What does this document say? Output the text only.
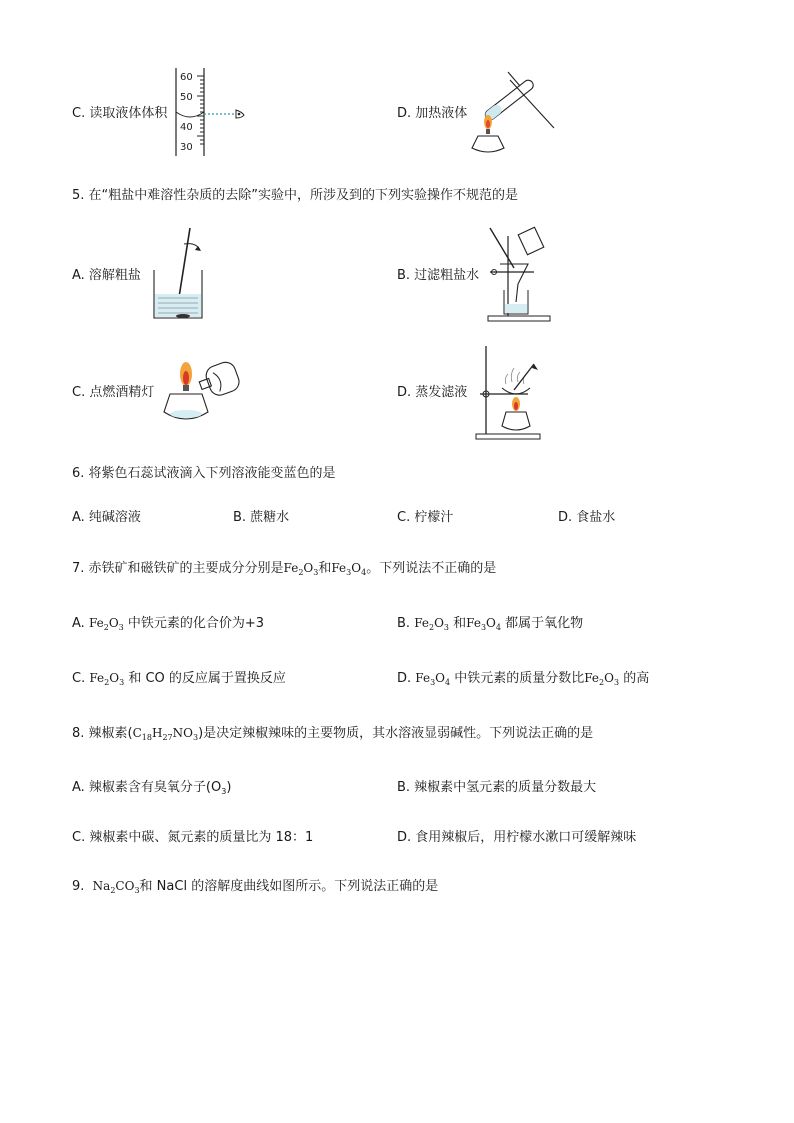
C. 读取液体体积
60
50
40
30
D. 加热液体
5. 在“粗盐中难溶性杂质的去除”实验中，所涉及到的下列实验操作不规范的是
A. 溶解粗盐	B. 过滤粗盐水
C. 点燃酒精灯	D. 蒸发滤液
6. 将紫色石蕊试液滴入下列溶液能变蓝色的是
A. 纯碱溶液	B. 蔗糖水	C. 柠檬汁	D. 食盐水
7. 赤铁矿和磁铁矿的主要成分分别是$Fe_2O_3$和$Fe_3O_4$。下列说法不正确的是
A. $Fe_2O_3$ 中铁元素的化合价为+3	B. $Fe_2O_3$ 和$Fe_3O_4$ 都属于氧化物
C. $Fe_2O_3$ 和 CO 的反应属于置换反应	D. $Fe_3O_4$ 中铁元素的质量分数比$Fe_2O_3$ 的高
8. 辣椒素$(C_{18}H_{27}NO_3)$是决定辣椒辣味的主要物质，其水溶液显弱碱性。下列说法正确的是
A. 辣椒素含有臭氧分子$(O_3)$	B. 辣椒素中氢元素的质量分数最大
C. 辣椒素中碳、氮元素的质量比为 18：1	D. 食用辣椒后，用柠檬水漱口可缓解辣味
9. $Na_2CO_3$和 NaCl 的溶解度曲线如图所示。下列说法正确的是
